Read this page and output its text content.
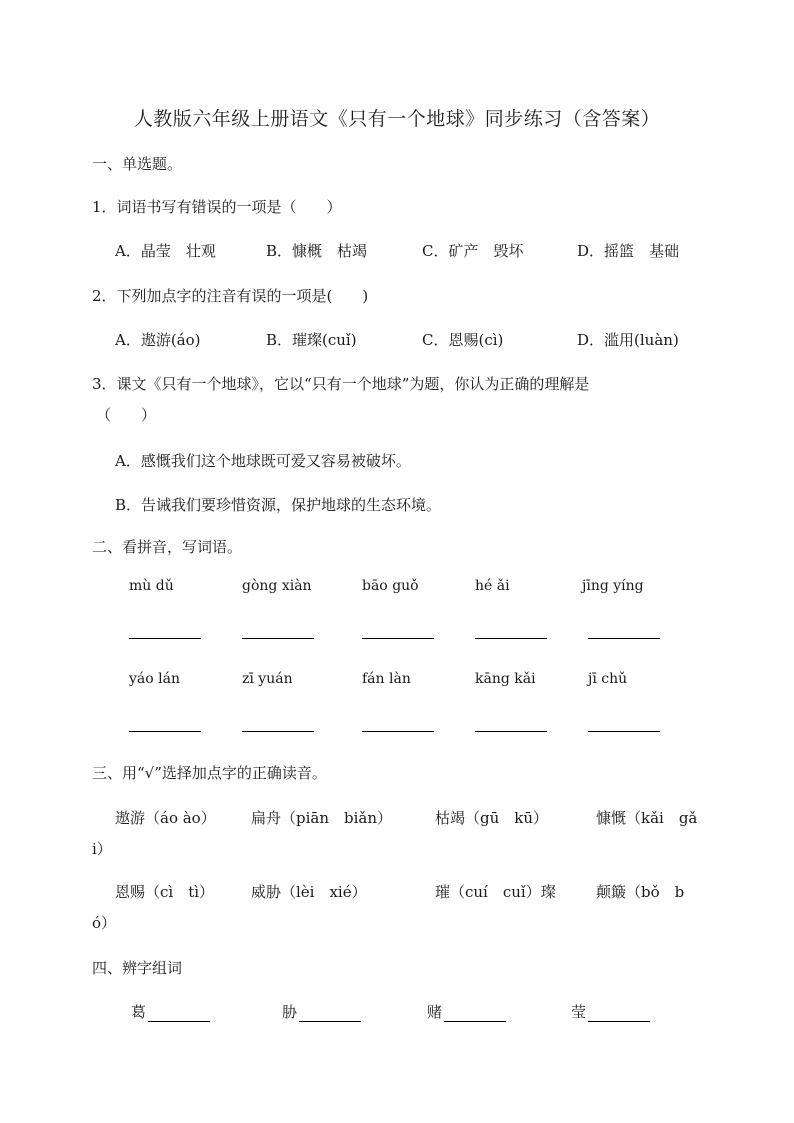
人教版六年级上册语文《只有一个地球》同步练习（含答案）
一、单选题。
1．词语书写有错误的一项是（　　）
A．晶莹　壮观	B．慷概　枯竭	C．矿产　毁坏	D．摇篮　基础
2．下列加点字的注音有误的一项是(　　)
A．遨游(áo)	B．璀璨(cuǐ)	C．恩赐(cì)	D．滥用(luàn)
3．课文《只有一个地球》，它以“只有一个地球”为题，你认为正确的理解是
（　　）
A．感慨我们这个地球既可爱又容易被破坏。
B．告诫我们要珍惜资源，保护地球的生态环境。
二、看拼音，写词语。
mù dǔ	gòng xiàn	bāo guǒ	hé ǎi	jīng yíng
yáo lán	zī yuán	fán làn	kāng kǎi	jī chǔ
三、用“√”选择加点字的正确读音。
遨游（áo ào） 扁舟（piān　biǎn）	枯竭（gū　kū）	慷慨（kǎi　gǎ
i）
恩赐（cì　tì） 威胁（lèi　xié）	璀（cuí　cuǐ）璨	颠簸（bǒ　b
ó）
四、辨字组词
葛	胁	赌	莹
